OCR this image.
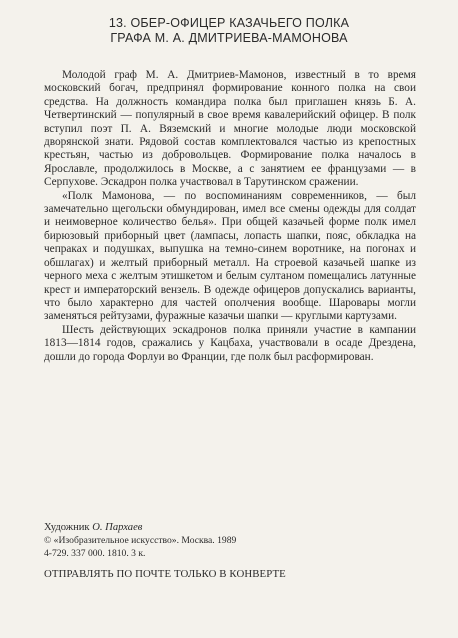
13. ОБЕР-ОФИЦЕР КАЗАЧЬЕГО ПОЛКА
ГРАФА М. А. ДМИТРИЕВА-МАМОНОВА

Молодой граф М. А. Дмитриев-Мамонов, известный в то время московский богач, предпринял формирование конного полка на свои средства. На должность командира полка был приглашен князь Б. А. Четвертинский — популярный в свое время кавалерийский офицер. В полк вступил поэт П. А. Вяземский и многие молодые люди московской дворянской знати. Рядовой состав комплектовался частью из крепостных крестьян, частью из добровольцев. Формирование полка началось в Ярославле, продолжилось в Москве, а с занятием ее французами — в Серпухове. Эскадрон полка участвовал в Тарутинском сражении.

«Полк Мамонова, — по воспоминаниям современников, — был замечательно щегольски обмундирован, имел все смены одежды для солдат и неимоверное количество белья». При общей казачьей форме полк имел бирюзовый приборный цвет (лампасы, лопасть шапки, пояс, обкладка на чепраках и подушках, выпушка на темно-синем воротнике, на погонах и обшлагах) и желтый приборный металл. На строевой казачьей шапке из черного меха с желтым этишкетом и белым султаном помещались латунные крест и императорский вензель. В одежде офицеров допускались варианты, что было характерно для частей ополчения вообще. Шаровары могли заменяться рейтузами, фуражные казачьи шапки — круглыми картузами.

Шесть действующих эскадронов полка приняли участие в кампании 1813—1814 годов, сражались у Кацбаха, участвовали в осаде Дрездена, дошли до города Форлуи во Франции, где полк был расформирован.

Художник О. Пархаев
© «Изобразительное искусство». Москва. 1989
4-729. 337 000. 1810. 3 к.
ОТПРАВЛЯТЬ ПО ПОЧТЕ ТОЛЬКО В КОНВЕРТЕ
